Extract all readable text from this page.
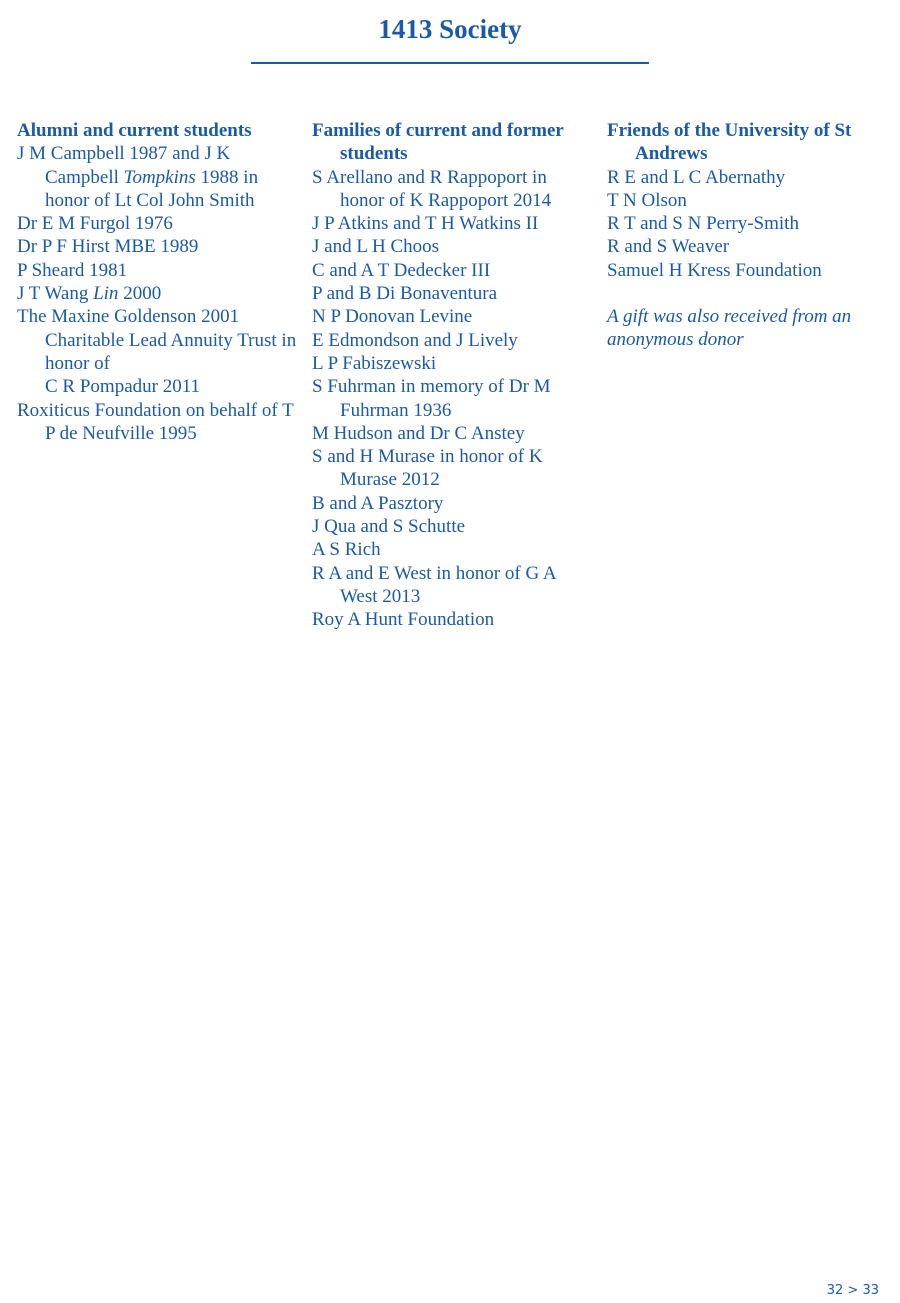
1413 Society

Alumni and current students

J M Campbell 1987 and J K Campbell Tompkins 1988 in honor of Lt Col John Smith

Dr E M Furgol 1976

Dr P F Hirst MBE 1989

P Sheard 1981

J T Wang Lin 2000

The Maxine Goldenson 2001 Charitable Lead Annuity Trust in honor of
C R Pompadur 2011

Roxiticus Foundation on behalf of T P de Neufville 1995

Families of current and former students

S Arellano and R Rappoport in honor of K Rappoport 2014

J P Atkins and T H Watkins II

J and L H Choos

C and A T Dedecker III

P and B Di Bonaventura

N P Donovan Levine

E Edmondson and J Lively

L P Fabiszewski

S Fuhrman in memory of Dr M Fuhrman 1936

M Hudson and Dr C Anstey

S and H Murase in honor of K Murase 2012

B and A Pasztory

J Qua and S Schutte

A S Rich

R A and E West in honor of G A West 2013

Roy A Hunt Foundation

Friends of the University of St Andrews

R E and L C Abernathy

T N Olson

R T and S N Perry-Smith

R and S Weaver

Samuel H Kress Foundation

A gift was also received from an anonymous donor

32 > 33
